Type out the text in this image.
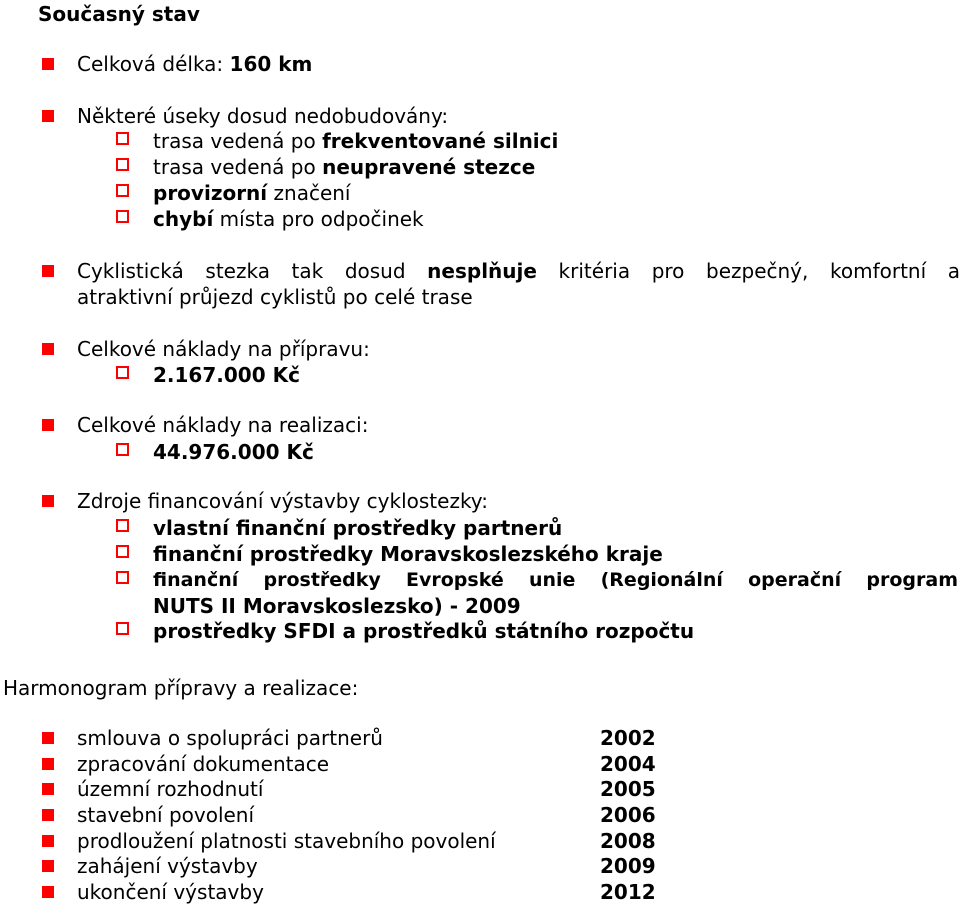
Současný stav
Celková délka: 160 km
Některé úseky dosud nedobudovány:
trasa vedená po frekventované silnici
trasa vedená po neupravené stezce
provizorní značení
chybí místa pro odpočinek
Cyklistická stezka tak dosud nesplňuje kritéria pro bezpečný, komfortní a
atraktivní průjezd cyklistů po celé trase
Celkové náklady na přípravu:
2.167.000 Kč
Celkové náklady na realizaci:
44.976.000 Kč
Zdroje financování výstavby cyklostezky:
vlastní finanční prostředky partnerů
finanční prostředky Moravskoslezského kraje
finanční prostředky Evropské unie (Regionální operační program
NUTS II Moravskoslezsko) - 2009
prostředky SFDI a prostředků státního rozpočtu
Harmonogram přípravy a realizace:
smlouva o spolupráci partnerů	2002
zpracování dokumentace	2004
územní rozhodnutí	2005
stavební povolení	2006
prodloužení platnosti stavebního povolení	2008
zahájení výstavby	2009
ukončení výstavby	2012
